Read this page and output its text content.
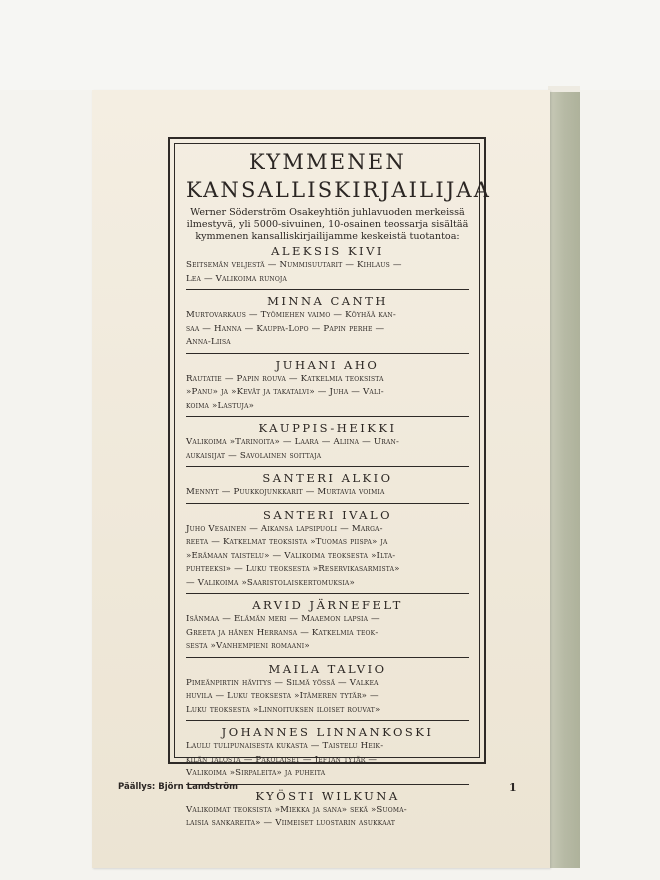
KYMMENEN
KANSALLISKIRJAILIJAA
Werner Söderström Osakeyhtiön juhlavuoden merkeissä
ilmestyvä, yli 5000-sivuinen, 10-osainen teossarja sisältää
kymmenen kansalliskirjailijamme keskeistä tuotantoa:
ALEKSIS KIVI
Seitsemän veljestä — Nummisuutarit — Kihlaus —
Lea — Valikoima runoja
MINNA CANTH
Murtovarkaus — Työmiehen vaimo — Köyhää kan-
saa — Hanna — Kauppa-Lopo — Papin perhe —
Anna-Liisa
JUHANI AHO
Rautatie — Papin rouva — Katkelmia teoksista
»Panu» ja »Kevät ja takatalvi» — Juha — Vali-
koima »Lastuja»
KAUPPIS-HEIKKI
Valikoima »Tarinoita» — Laara — Aliina — Uran-
aukaisijat — Savolainen soittaja
SANTERI ALKIO
Mennyt — Puukkojunkkarit — Murtavia voimia
SANTERI IVALO
Juho Vesainen — Aikansa lapsipuoli — Marga-
reeta — Katkelmat teoksista »Tuomas piispa» ja
»Erämaan taistelu» — Valikoima teoksesta »Ilta-
puhteeksi» — Luku teoksesta »Reservikasarmista»
— Valikoima »Saaristolaiskertomuksia»
ARVID JÄRNEFELT
Isänmaa — Elämän meri — Maaemon lapsia —
Greeta ja hänen Herransa — Katkelmia teok-
sesta »Vanhempieni romaani»
MAILA TALVIO
Pimeänpirtin hävitys — Silmä yössä — Valkea
huvila — Luku teoksesta »Itämeren tytär» —
Luku teoksesta »Linnoituksen iloiset rouvat»
JOHANNES LINNANKOSKI
Laulu tulipunaisesta kukasta — Taistelu Heik-
kilän talosta — Pakolaiset — Jeftan tytär —
Valikoima »Sirpaleita» ja puheita
KYÖSTI WILKUNA
Valikoimat teoksista »Miekka ja sana» sekä »Suoma-
laisia sankareita» — Viimeiset luostarin asukkaat
Päällys: Björn Landström	1
